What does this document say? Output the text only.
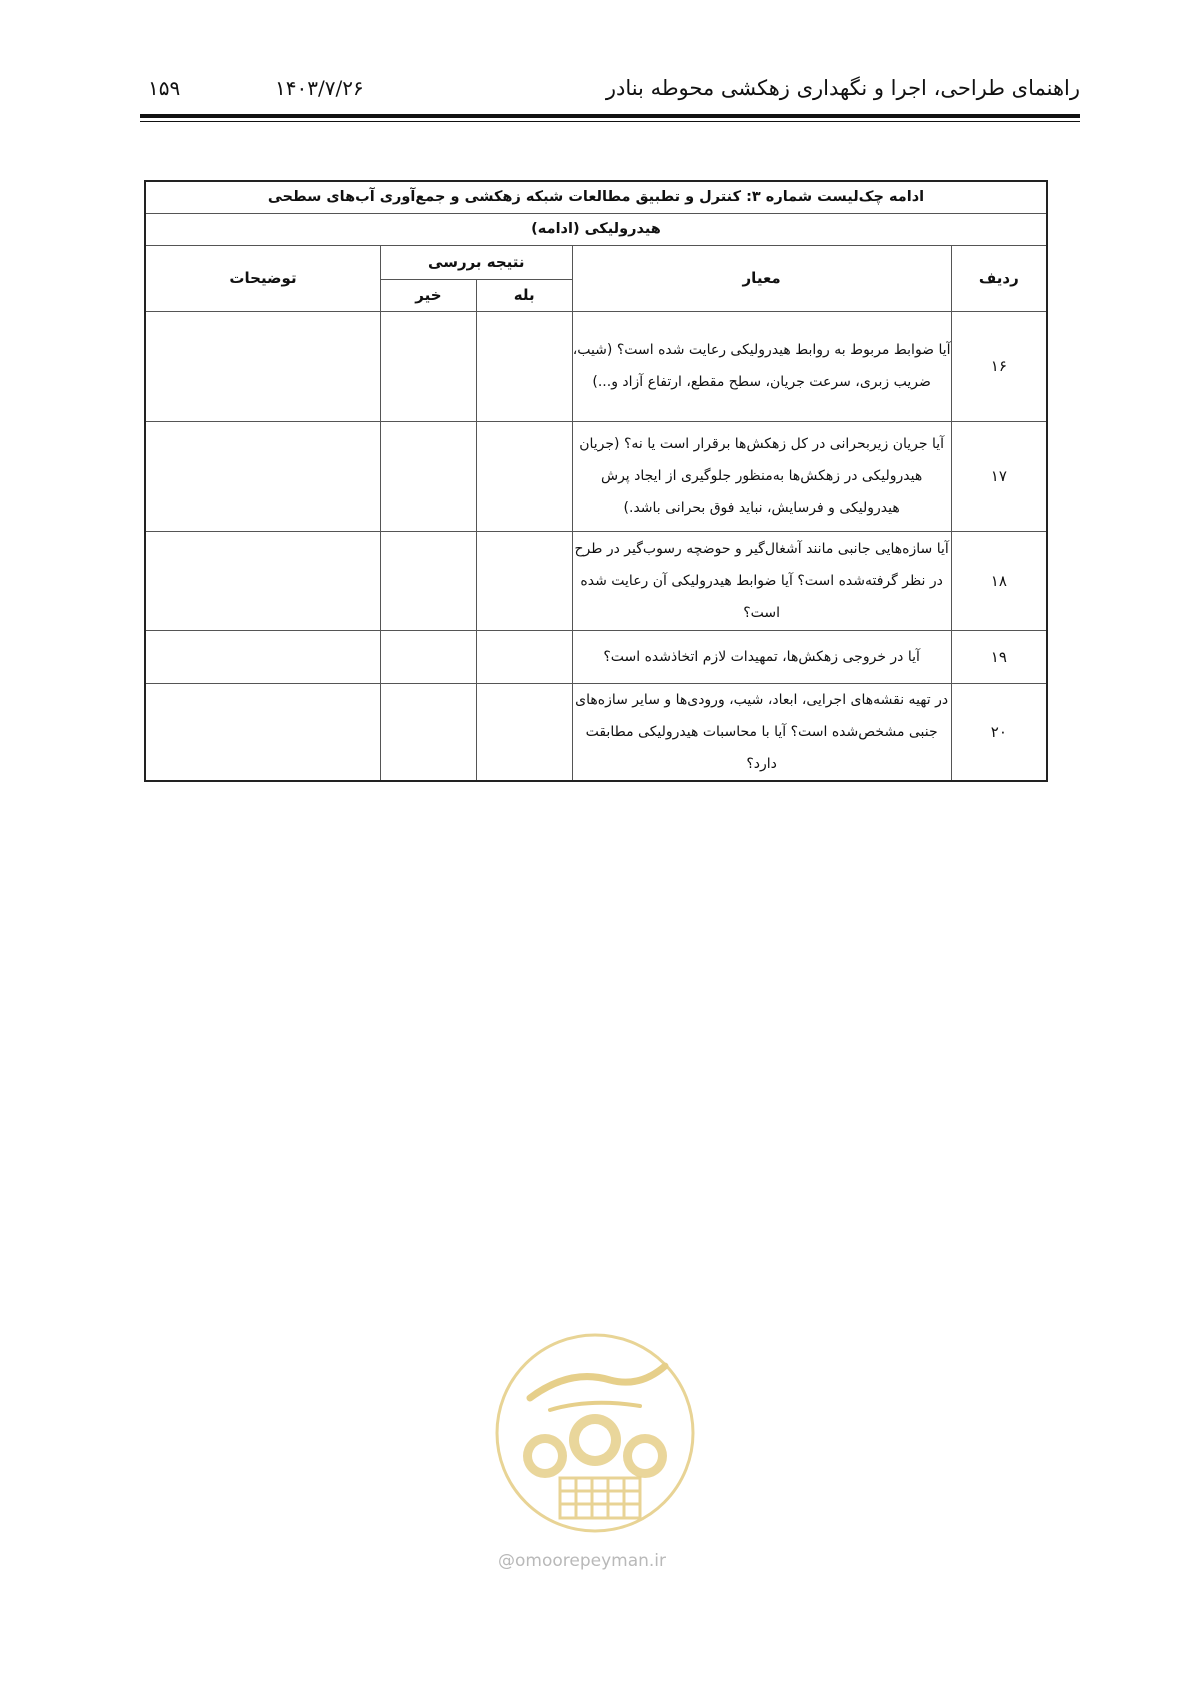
راهنمای طراحی، اجرا و نگهداری زهکشی محوطه بنادر
۱۴۰۳/۷/۲۶
۱۵۹
ادامه چک‌لیست شماره ۳: کنترل و تطبیق مطالعات شبکه زهکشی و جمع‌آوری آب‌های سطحی				
هیدرولیکی (ادامه)				
ردیف	معیار	نتیجه بررسی		توضیحات
		بله	خیر	
۱۶	آیا ضوابط مربوط به روابط هیدرولیکی رعایت شده است؟ (شیب، ضریب زبری، سرعت جریان، سطح مقطع، ارتفاع آزاد و...)			
۱۷	آیا جریان زیربحرانی در کل زهکش‌ها برقرار است یا نه؟ (جریان هیدرولیکی در زهکش‌ها به‌منظور جلوگیری از ایجاد پرش هیدرولیکی و فرسایش، نباید فوق بحرانی باشد.)			
۱۸	آیا سازه‌هایی جانبی مانند آشغال‌گیر و حوضچه رسوب‌گیر در طرح در نظر گرفته‌شده است؟ آیا ضوابط هیدرولیکی آن رعایت شده است؟			
۱۹	آیا در خروجی زهکش‌ها، تمهیدات لازم اتخاذشده است؟			
۲۰	در تهیه نقشه‌های اجرایی، ابعاد، شیب، ورودی‌ها و سایر سازه‌های جنبی مشخص‌شده است؟ آیا با محاسبات هیدرولیکی مطابقت دارد؟			
@omoorepeyman.ir
